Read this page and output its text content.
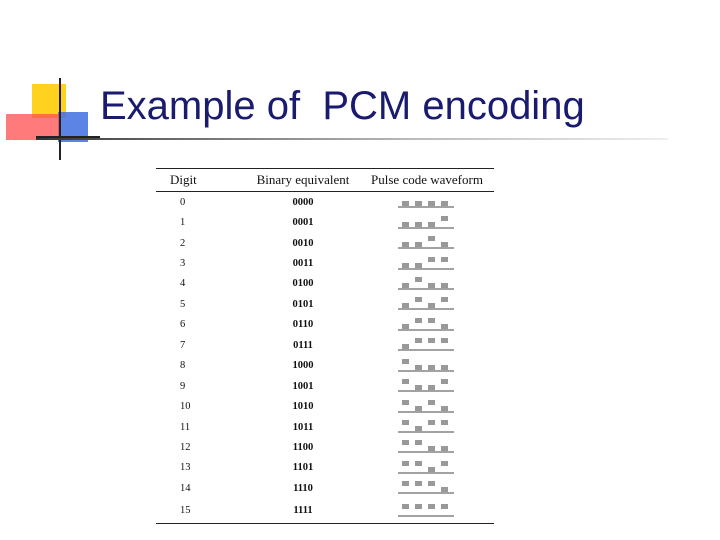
Example of  PCM encoding
Digit	Binary equivalent	Pulse code waveform
0	0000	

1	0001	

2	0010	

3	0011	

4	0100	

5	0101	

6	0110	

7	0111	

8	1000	

9	1001	

10	1010	

11	1011	

12	1100	

13	1101	

14	1110	

15	1111	
